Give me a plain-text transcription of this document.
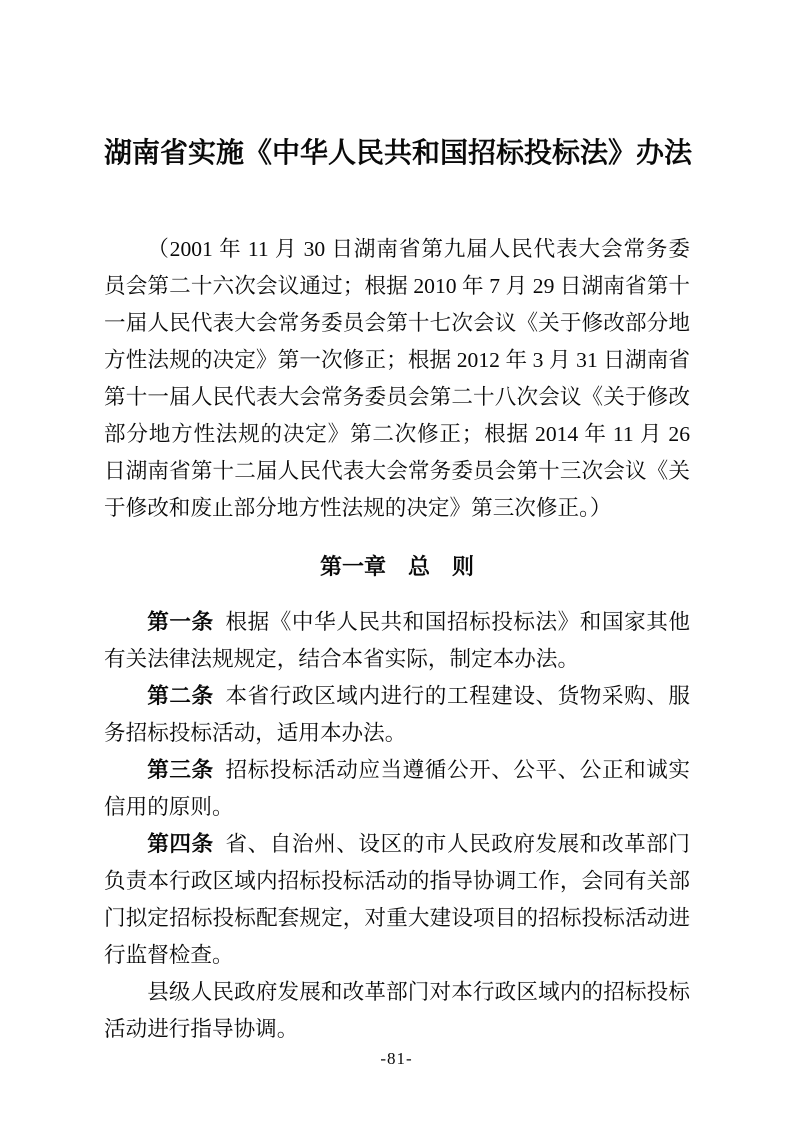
湖南省实施《中华人民共和国招标投标法》办法

（2001 年 11 月 30 日湖南省第九届人民代表大会常务委员会第二十六次会议通过；根据 2010 年 7 月 29 日湖南省第十一届人民代表大会常务委员会第十七次会议《关于修改部分地方性法规的决定》第一次修正；根据 2012 年 3 月 31 日湖南省第十一届人民代表大会常务委员会第二十八次会议《关于修改部分地方性法规的决定》第二次修正；根据 2014 年 11 月 26 日湖南省第十二届人民代表大会常务委员会第十三次会议《关于修改和废止部分地方性法规的决定》第三次修正。）

第一章　总　则

第一条 根据《中华人民共和国招标投标法》和国家其他有关法律法规规定，结合本省实际，制定本办法。

第二条 本省行政区域内进行的工程建设、货物采购、服务招标投标活动，适用本办法。

第三条 招标投标活动应当遵循公开、公平、公正和诚实信用的原则。

第四条 省、自治州、设区的市人民政府发展和改革部门负责本行政区域内招标投标活动的指导协调工作，会同有关部门拟定招标投标配套规定，对重大建设项目的招标投标活动进行监督检查。

县级人民政府发展和改革部门对本行政区域内的招标投标活动进行指导协调。

-81-
